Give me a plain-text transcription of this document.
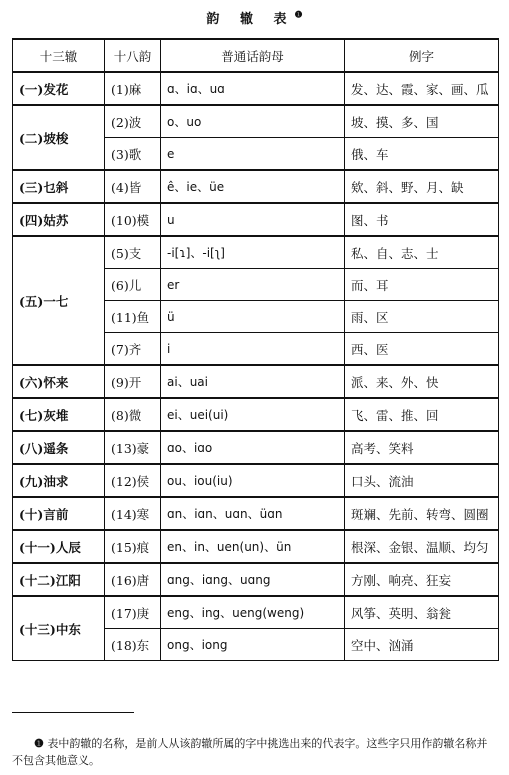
韵 辙 表$^❶$
十三辙	十八韵	普通话韵母	例字
(一)发花	(1)麻	ɑ、iɑ、uɑ	发、达、霞、家、画、瓜
(二)坡梭	(2)波	o、uo	坡、摸、多、国
	(3)歌	e	俄、车
(三)乜斜	(4)皆	ê、ie、üe	欸、斜、野、月、缺
(四)姑苏	(10)模	u	图、书
(五)一七	(5)支	-i[ɿ]、-i[ʅ]	私、自、志、士
	(6)儿	er	而、耳
	(11)鱼	ü	雨、区
	(7)齐	i	西、医
(六)怀来	(9)开	ai、uai	派、来、外、快
(七)灰堆	(8)微	ei、uei(ui)	飞、雷、推、回
(八)遥条	(13)豪	ɑo、iɑo	高考、笑料
(九)油求	(12)侯	ou、iou(iu)	口头、流油
(十)言前	(14)寒	ɑn、iɑn、uɑn、üɑn	斑斓、先前、转弯、圆圈
(十一)人辰	(15)痕	en、in、uen(un)、ün	根深、金银、温顺、均匀
(十二)江阳	(16)唐	ɑng、iɑng、uɑng	方刚、响亮、狂妄
(十三)中东	(17)庚	eng、ing、ueng(weng)	风筝、英明、翁瓮
	(18)东	ong、iong	空中、汹涌
❶ 表中韵辙的名称，是前人从该韵辙所属的字中挑选出来的代表字。这些字只用作韵辙名称并不包含其他意义。
